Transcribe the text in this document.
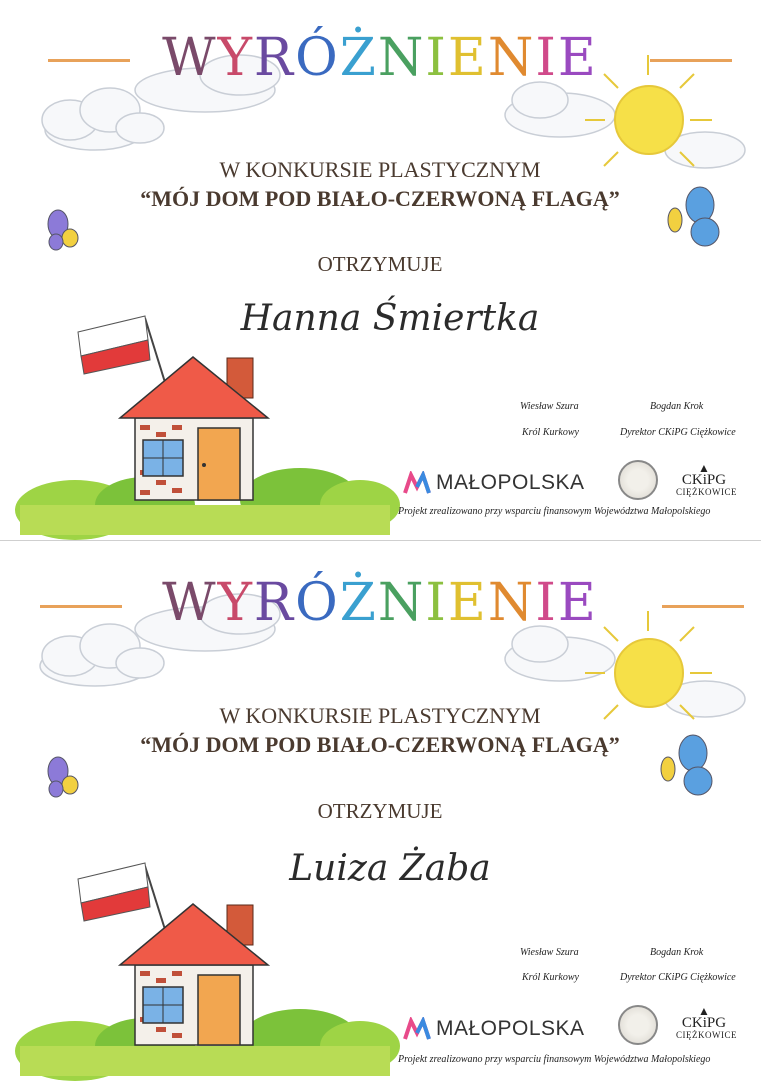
WYRÓŻNIENIE
W KONKURSIE PLASTYCZNYM
“MÓJ DOM POD BIAŁO-CZERWONĄ FLAGĄ”
OTRZYMUJE
Hanna Śmiertka
Wiesław Szura
Król Kurkowy
Bogdan Krok
Dyrektor CKiPG Ciężkowice
MAŁOPOLSKA
▲
CKiPG
CIĘŻKOWICE
Projekt zrealizowano przy wsparciu finansowym Województwa Małopolskiego
WYRÓŻNIENIE
W KONKURSIE PLASTYCZNYM
“MÓJ DOM POD BIAŁO-CZERWONĄ FLAGĄ”
OTRZYMUJE
Luiza Żaba
Wiesław Szura
Król Kurkowy
Bogdan Krok
Dyrektor CKiPG Ciężkowice
MAŁOPOLSKA
▲
CKiPG
CIĘŻKOWICE
Projekt zrealizowano przy wsparciu finansowym Województwa Małopolskiego
